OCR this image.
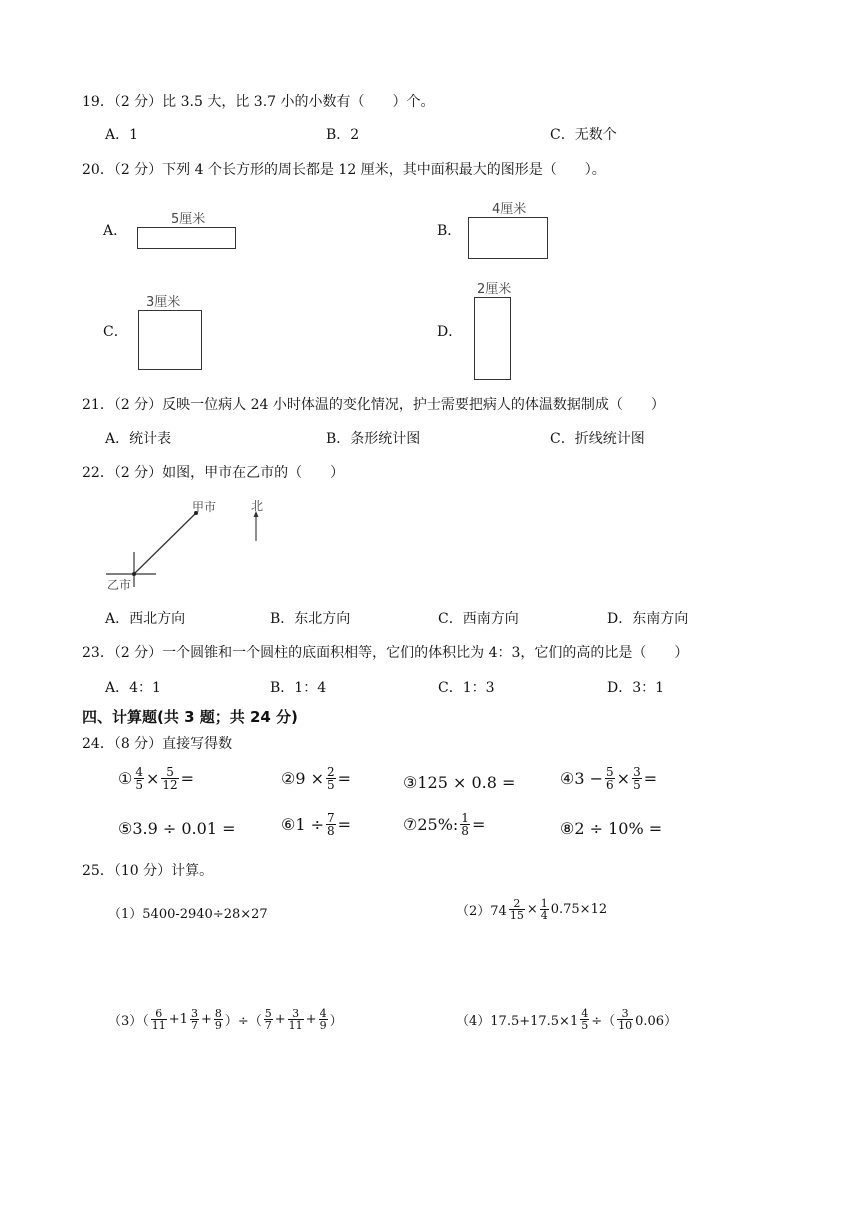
19．（2 分）比 3.5 大，比 3.7 小的小数有（　　）个。
A．1	B．2	C．无数个
20．（2 分）下列 4 个长方形的周长都是 12 厘米，其中面积最大的图形是（　　）。
A．
5厘米
B．
4厘米
C．
3厘米
D．
2厘米
21．（2 分）反映一位病人 24 小时体温的变化情况，护士需要把病人的体温数据制成（　　）
A．统计表	B．条形统计图	C．折线统计图
22．（2 分）如图，甲市在乙市的（　　）
甲市
乙市
北
A．西北方向	B．东北方向	C．西南方向	D．东南方向
23．（2 分）一个圆锥和一个圆柱的底面积相等，它们的体积比为 4：3，它们的高的比是（　　）
A．4：1	B．1：4	C．1：3	D．3：1
四、计算题(共 3 题；共 24 分)
24．（8 分）直接写得数
① $\frac{4}{5} \times \frac{5}{12}$ =	②9 × $\frac{2}{5}$ =	③125 × 0.8 =	④3 − $\frac{5}{6} \times \frac{3}{5}$ =
⑤3.9 ÷ 0.01 =	⑥1 ÷ $\frac{7}{8}$ =	⑦25%: $\frac{1}{8}$ =	⑧2 ÷ 10% =
25．（10 分）计算。
（1）5400-2940÷28×27	$(2)74 \frac{2}{15} \times \frac{1}{4} 0.75\times 12$
$(3)( \frac{6}{11} +1 \frac{3}{7} + \frac{8}{9}$ ）÷（ $\frac{5}{7} + \frac{3}{11} + \frac{4}{9}$ ）	$(4)17.5+17.5\times 1 \frac{4}{5}$ ÷（ $\frac{3}{10} 0.06$）
